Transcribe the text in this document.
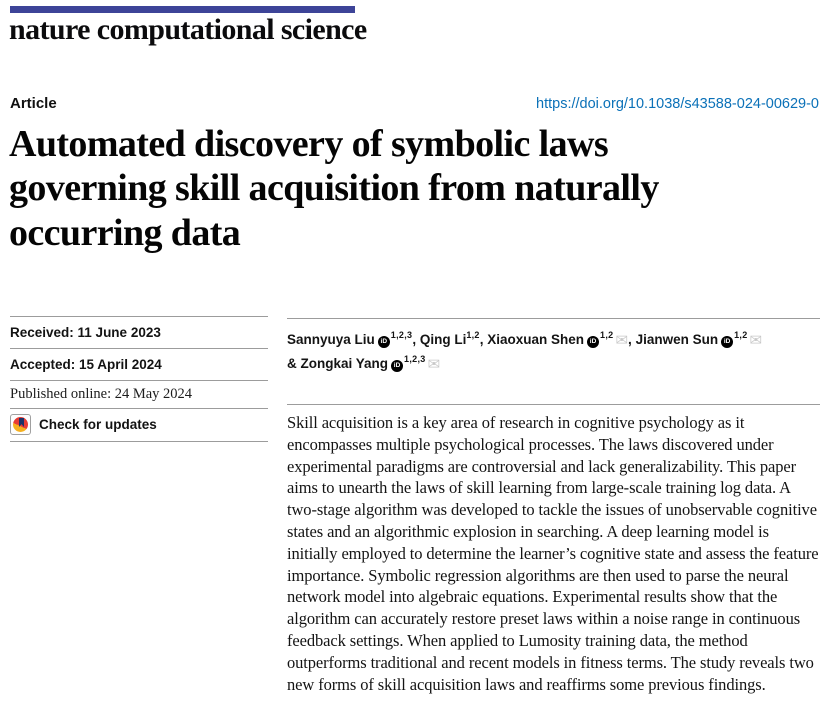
nature computational science
Article	https://doi.org/10.1038/s43588-024-00629-0
Automated discovery of symbolic laws governing skill acquisition from naturally occurring data
Received: 11 June 2023
Accepted: 15 April 2024
Published online: 24 May 2024
Check for updates
Sannyuya Liu iD$^{1,2,3}$, Qing Li$^{1,2}$, Xiaoxuan Shen iD$^{1,2}$ ✉, Jianwen Sun iD$^{1,2}$ ✉
& Zongkai Yang iD$^{1,2,3}$ ✉

Skill acquisition is a key area of research in cognitive psychology as it encompasses multiple psychological processes. The laws discovered under experimental paradigms are controversial and lack generalizability. This paper aims to unearth the laws of skill learning from large-scale training log data. A two-stage algorithm was developed to tackle the issues of unobservable cognitive states and an algorithmic explosion in searching. A deep learning model is initially employed to determine the learner’s cognitive state and assess the feature importance. Symbolic regression algorithms are then used to parse the neural network model into algebraic equations. Experimental results show that the algorithm can accurately restore preset laws within a noise range in continuous feedback settings. When applied to Lumosity training data, the method outperforms traditional and recent models in fitness terms. The study reveals two new forms of skill acquisition laws and reaffirms some previous findings.
